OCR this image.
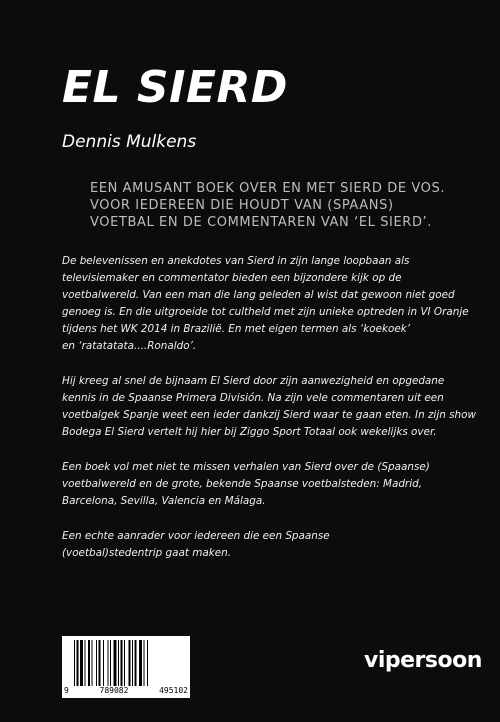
EL SIERD

Dennis Mulkens

EEN AMUSANT BOEK OVER EN MET SIERD DE VOS.
VOOR IEDEREEN DIE HOUDT VAN (SPAANS)
VOETBAL EN DE COMMENTAREN VAN ‘EL SIERD’.
De belevenissen en anekdotes van Sierd in zijn lange loopbaan als
televisiemaker en commentator bieden een bijzondere kijk op de
voetbalwereld. Van een man die lang geleden al wist dat gewoon niet goed
genoeg is. En die uitgroeide tot cultheld met zijn unieke optreden in VI Oranje
tijdens het WK 2014 in Brazilië. En met eigen termen als ‘koekoek’
en ‘ratatatata....Ronaldo’.
Hij kreeg al snel de bijnaam El Sierd door zijn aanwezigheid en opgedane
kennis in de Spaanse Primera División. Na zijn vele commentaren uit een
voetbalgek Spanje weet een ieder dankzij Sierd waar te gaan eten. In zijn show
Bodega El Sierd vertelt hij hier bij Ziggo Sport Totaal ook wekelijks over.
Een boek vol met niet te missen verhalen van Sierd over de (Spaanse)
voetbalwereld en de grote, bekende Spaanse voetbalsteden: Madrid,
Barcelona, Sevilla, Valencia en Málaga.
Een echte aanrader voor iedereen die een Spaanse
(voetbal)stedentrip gaat maken.
9	789082	495102
vipersoon
